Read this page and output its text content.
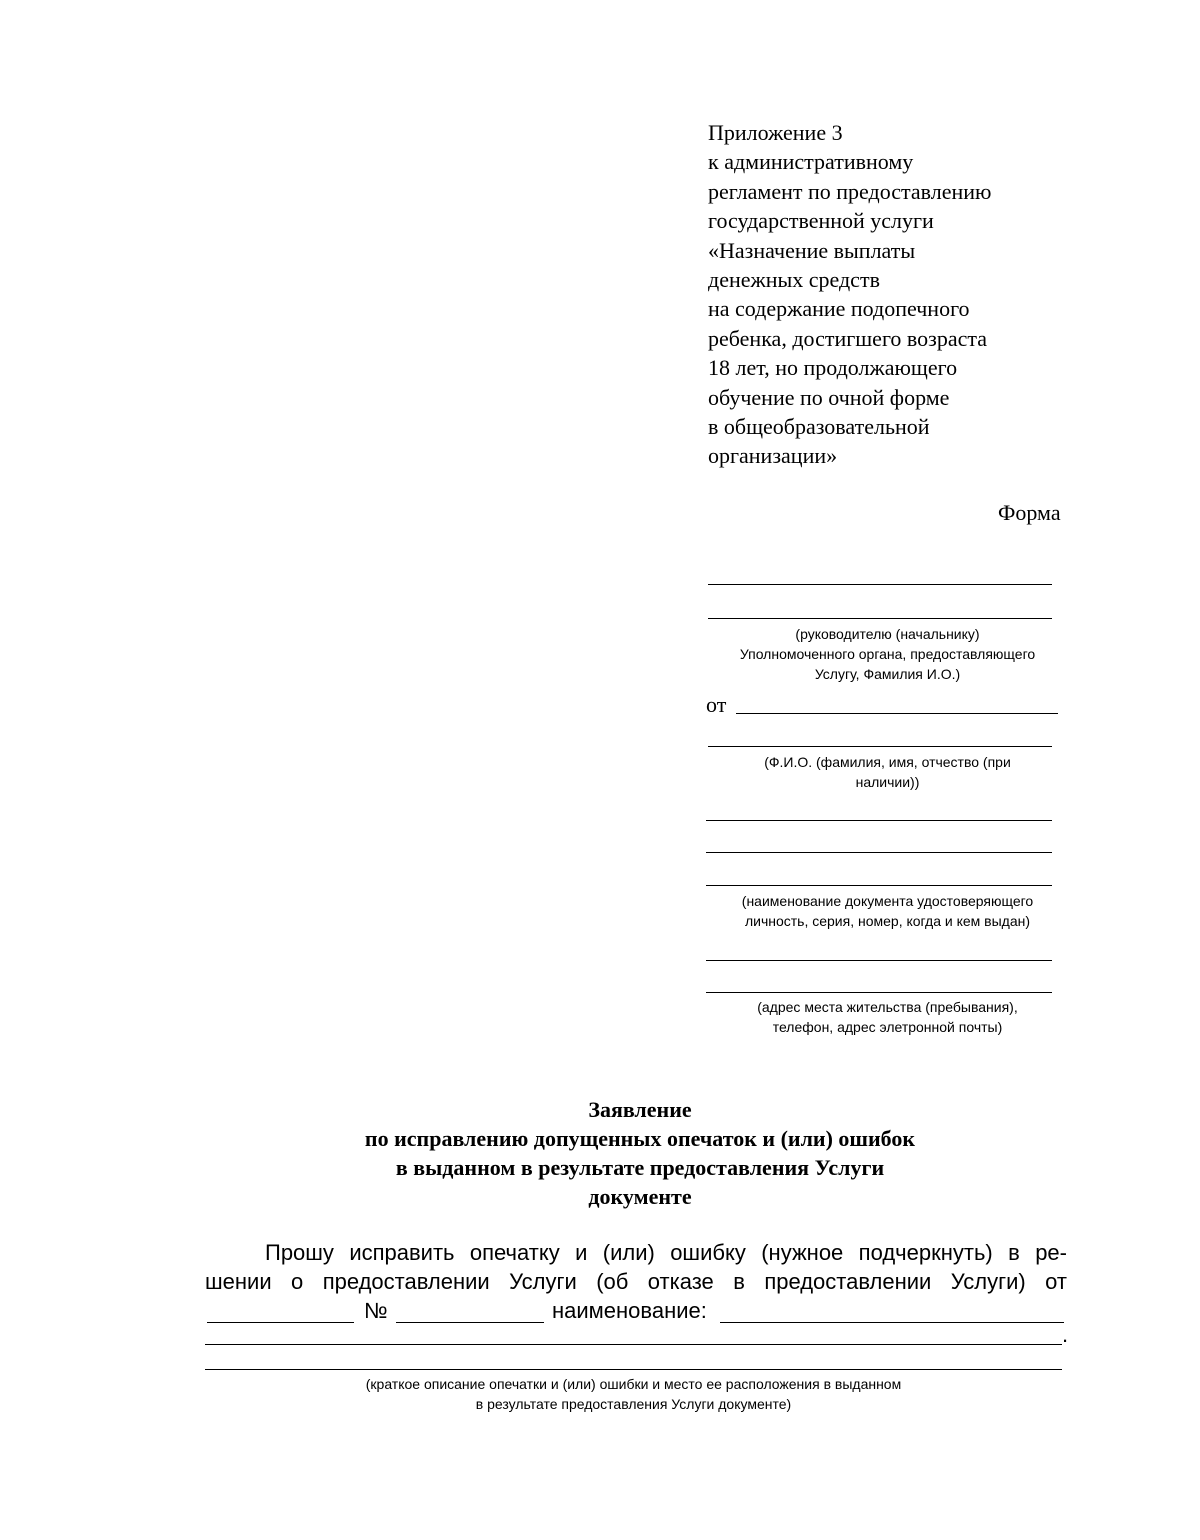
Приложение 3
к административному
регламент по предоставлению
государственной услуги
«Назначение выплаты
денежных средств
на содержание подопечного
ребенка, достигшего возраста
18 лет, но продолжающего
обучение по очной форме
в общеобразовательной
организации»
Форма
(руководителю (начальнику)
Уполномоченного органа, предоставляющего
Услугу, Фамилия И.О.)
от
(Ф.И.О. (фамилия, имя, отчество (при
наличии))
(наименование документа удостоверяющего
личность, серия, номер, когда и кем выдан)
(адрес места жительства (пребывания),
телефон, адрес элетронной почты)
Заявление
по исправлению допущенных опечаток и (или) ошибок
в выданном в результате предоставления Услуги
документе
Прошу исправить опечатку и (или) ошибку (нужное подчеркнуть) в ре-
шении о предоставлении Услуги (об отказе в предоставлении Услуги) от
№	наименование:
.
(краткое описание опечатки и (или) ошибки и место ее расположения в выданном
в результате предоставления Услуги документе)
